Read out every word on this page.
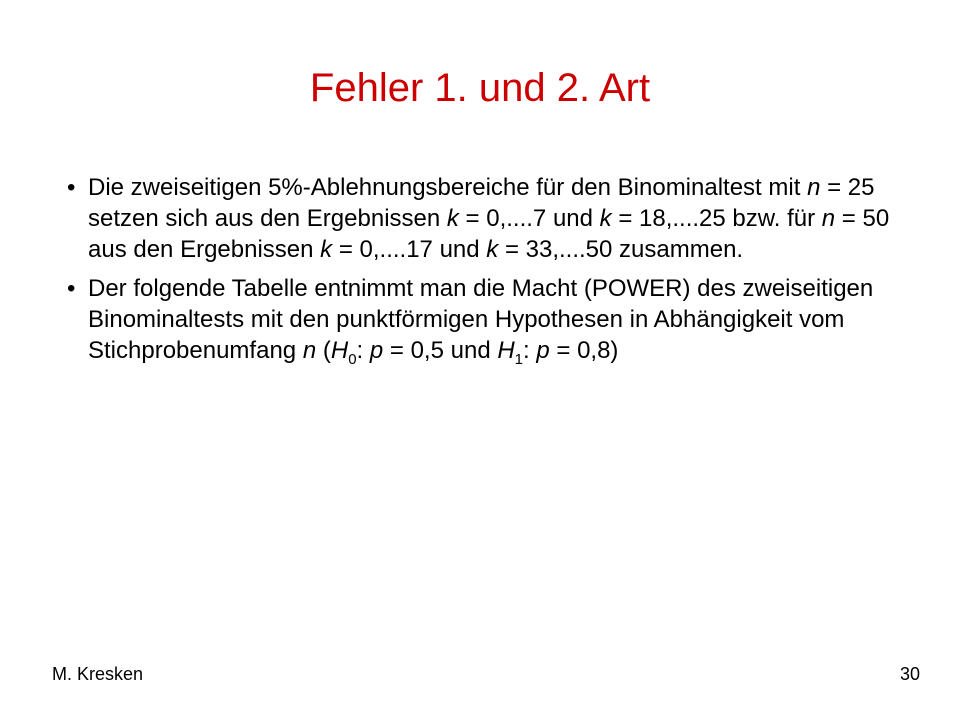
Fehler 1. und 2. Art
• Die zweiseitigen 5%-Ablehnungsbereiche für den Binominaltest mit n = 25 setzen sich aus den Ergebnissen k = 0,....7 und k = 18,....25 bzw. für n = 50 aus den Ergebnissen k = 0,....17 und k = 33,....50 zusammen.
• Der folgende Tabelle entnimmt man die Macht (POWER) des zweiseitigen Binominaltests mit den punktförmigen Hypothesen in Abhängigkeit vom Stichprobenumfang n ($H_0$: p = 0,5 und $H_1$: p = 0,8)
M. Kresken	30
